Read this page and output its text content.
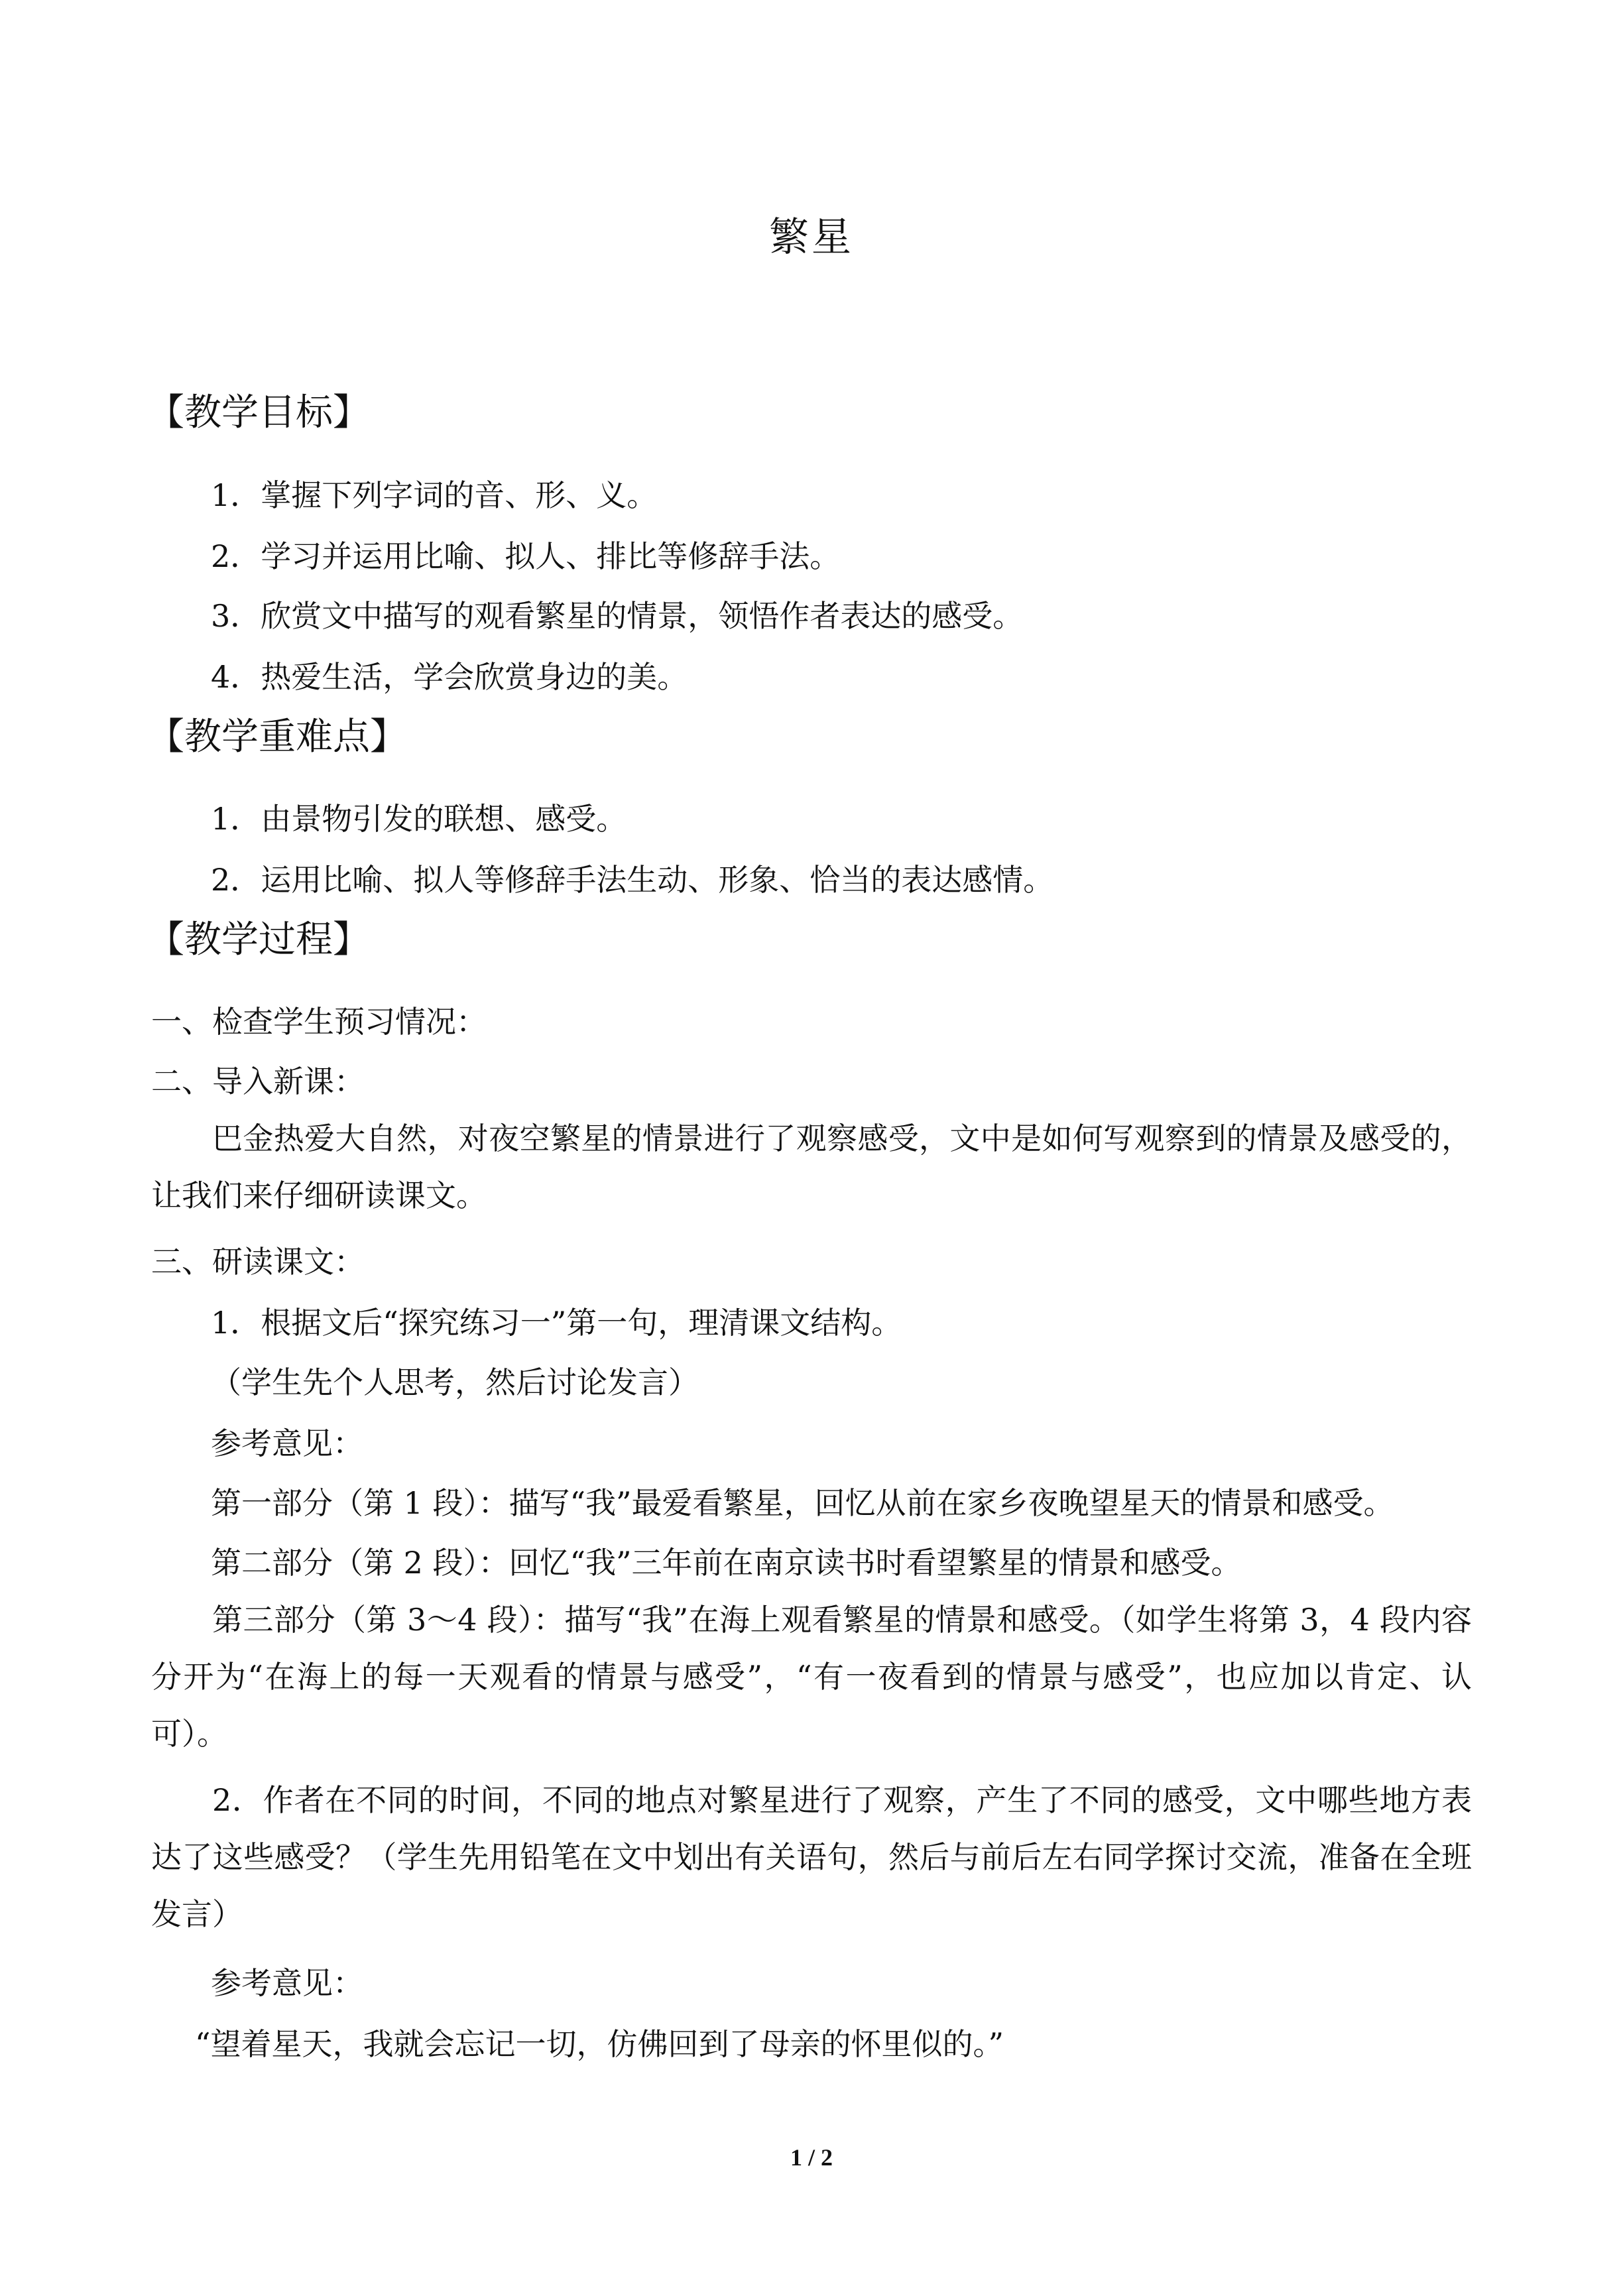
繁星
【教学目标】
1．掌握下列字词的音、形、义。
2．学习并运用比喻、拟人、排比等修辞手法。
3．欣赏文中描写的观看繁星的情景，领悟作者表达的感受。
4．热爱生活，学会欣赏身边的美。
【教学重难点】
1．由景物引发的联想、感受。
2．运用比喻、拟人等修辞手法生动、形象、恰当的表达感情。
【教学过程】
一、检查学生预习情况：
二、导入新课：
巴金热爱大自然，对夜空繁星的情景进行了观察感受，文中是如何写观察到的情景及感受的，让我们来仔细研读课文。
三、研读课文：
1．根据文后“探究练习一”第一句，理清课文结构。
（学生先个人思考，然后讨论发言）
参考意见：
第一部分（第 1 段）：描写“我”最爱看繁星，回忆从前在家乡夜晚望星天的情景和感受。
第二部分（第 2 段）：回忆“我”三年前在南京读书时看望繁星的情景和感受。
第三部分（第 3～4 段）：描写“我”在海上观看繁星的情景和感受。（如学生将第 3，4 段内容分开为“在海上的每一天观看的情景与感受”，“有一夜看到的情景与感受”，也应加以肯定、认可）。
2．作者在不同的时间，不同的地点对繁星进行了观察，产生了不同的感受，文中哪些地方表达了这些感受？（学生先用铅笔在文中划出有关语句，然后与前后左右同学探讨交流，准备在全班发言）
参考意见：
“望着星天，我就会忘记一切，仿佛回到了母亲的怀里似的。”
1 / 2
